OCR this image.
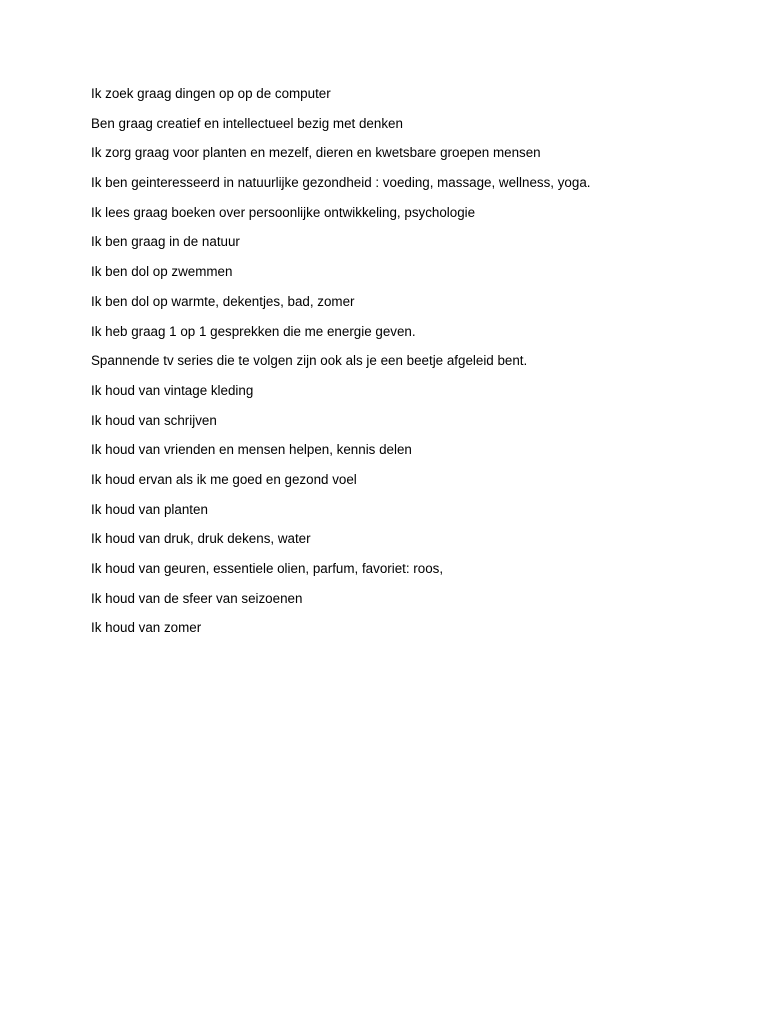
Ik zoek graag dingen op op de computer
Ben graag creatief en intellectueel bezig met denken
Ik zorg graag voor planten en mezelf, dieren en kwetsbare groepen mensen
Ik ben geinteresseerd in natuurlijke gezondheid : voeding, massage, wellness, yoga.
Ik lees graag boeken over persoonlijke ontwikkeling, psychologie
Ik ben graag in de natuur
Ik ben dol op zwemmen
Ik ben dol op warmte, dekentjes, bad, zomer
Ik heb graag 1 op 1 gesprekken die me energie geven.
Spannende tv series die te volgen zijn ook als je een beetje afgeleid bent.
Ik houd van vintage kleding
Ik houd van schrijven
Ik houd van vrienden en mensen helpen, kennis delen
Ik houd ervan als ik me goed en gezond voel
Ik houd van planten
Ik houd van druk, druk dekens, water
Ik houd van geuren, essentiele olien, parfum, favoriet: roos,
Ik houd van de sfeer van seizoenen
Ik houd van zomer
